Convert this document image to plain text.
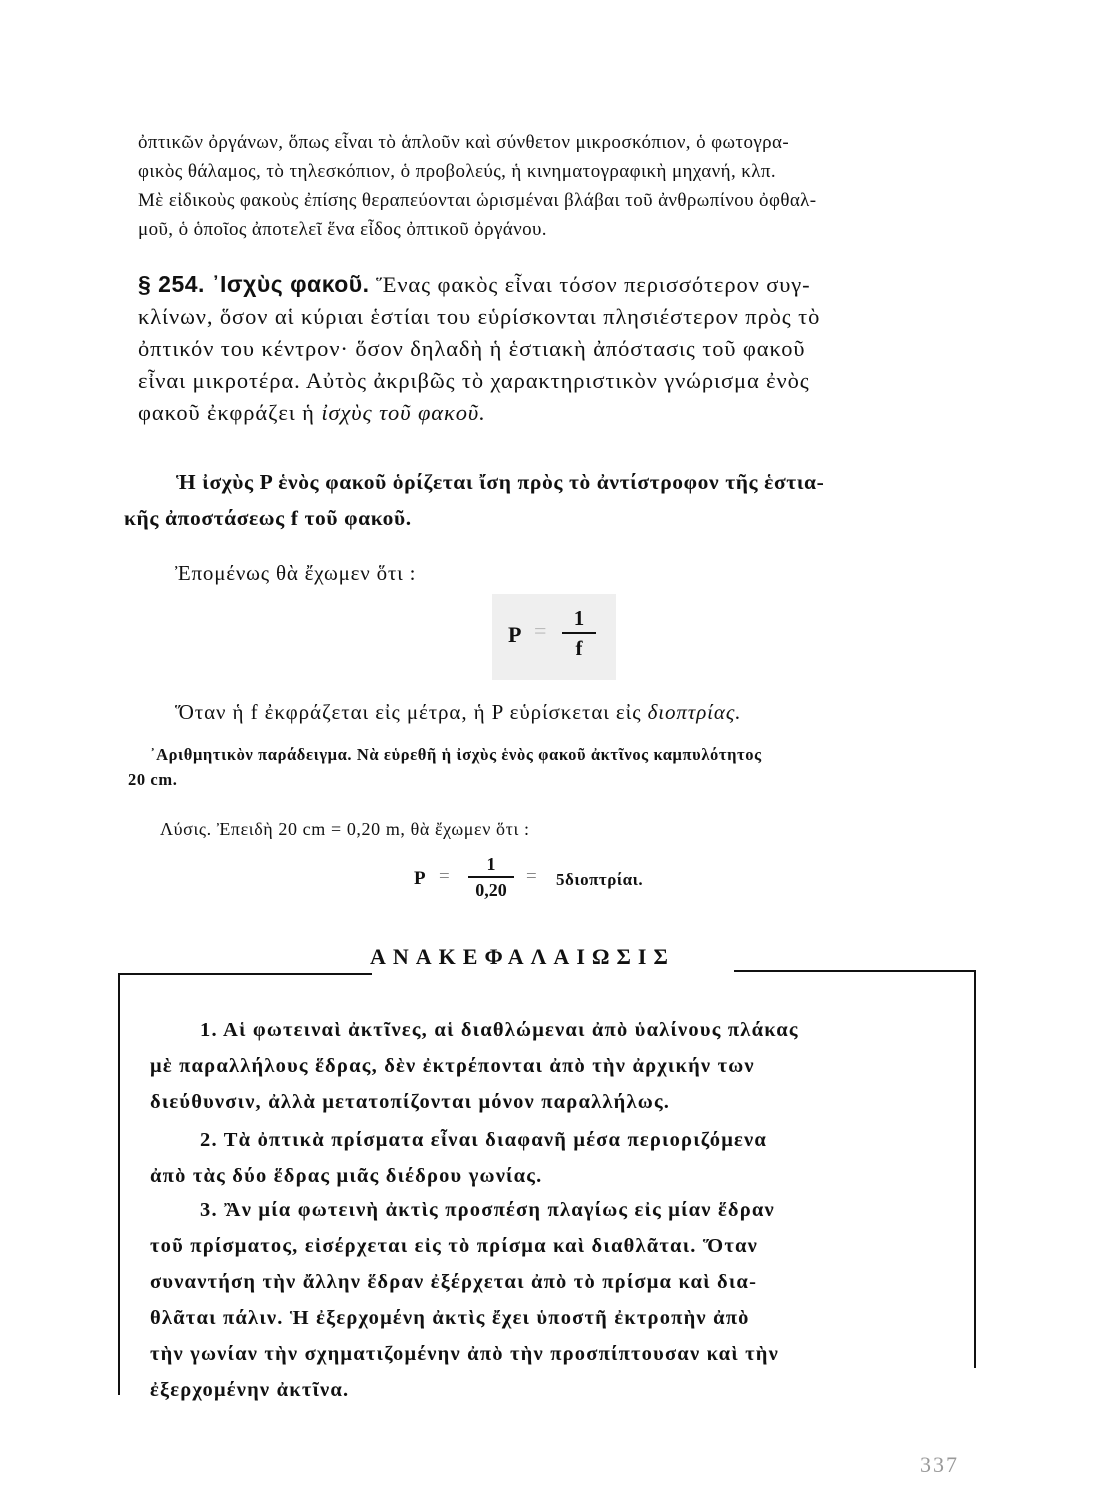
ὀπτικῶν ὀργάνων, ὅπως εἶναι τὸ ἁπλοῦν καὶ σύνθετον μικροσκόπιον, ὁ φωτογρα-
φικὸς θάλαμος, τὸ τηλεσκόπιον, ὁ προβολεύς, ἡ κινηματογραφικὴ μηχανή, κλπ.
Μὲ εἰδικοὺς φακοὺς ἐπίσης θεραπεύονται ὡρισμέναι βλάβαι τοῦ ἀνθρωπίνου ὀφθαλ-
μοῦ, ὁ ὁποῖος ἀποτελεῖ ἕνα εἶδος ὀπτικοῦ ὀργάνου.

§ 254. ᾿Ισχὺς φακοῦ. Ἕνας φακὸς εἶναι τόσον περισσότερον συγ-
κλίνων, ὅσον αἱ κύριαι ἑστίαι του εὑρίσκονται πλησιέστερον πρὸς τὸ
ὀπτικόν του κέντρον· ὅσον δηλαδὴ ἡ ἑστιακὴ ἀπόστασις τοῦ φακοῦ
εἶναι μικροτέρα. Αὐτὸς ἀκριβῶς τὸ χαρακτηριστικὸν γνώρισμα ἐνὸς
φακοῦ ἐκφράζει ἡ ἰσχὺς τοῦ φακοῦ.

Ἡ ἰσχὺς P ἑνὸς φακοῦ ὁρίζεται ἴση πρὸς τὸ ἀντίστροφον τῆς ἑστια-
κῆς ἀποστάσεως f τοῦ φακοῦ.

Ἐπομένως θὰ ἔχωμεν ὅτι :

P =	1
f

Ὅταν ἡ f ἐκφράζεται εἰς μέτρα, ἡ P εὑρίσκεται εἰς διοπτρίας.

᾿Αριθμητικὸν παράδειγμα. Νὰ εὑρεθῆ ἡ ἰσχὺς ἑνὸς φακοῦ ἀκτῖνος καμπυλότητος
20 cm.

Λύσις. Ἐπειδὴ 20 cm = 0,20 m, θὰ ἔχωμεν ὅτι :

P =
1
0,20
= 5διοπτρίαι.
ΑΝΑΚΕΦΑΛΑΙΩΣΙΣ

1. Αἱ φωτειναὶ ἀκτῖνες, αἱ διαθλώμεναι ἀπὸ ὑαλίνους πλάκας
μὲ παραλλήλους ἕδρας, δὲν ἐκτρέπονται ἀπὸ τὴν ἀρχικήν των
διεύθυνσιν, ἀλλὰ μετατοπίζονται μόνον παραλλήλως.

2. Τὰ ὀπτικὰ πρίσματα εἶναι διαφανῆ μέσα περιοριζόμενα
ἀπὸ τὰς δύο ἕδρας μιᾶς διέδρου γωνίας.

3. Ἂν μία φωτεινὴ ἀκτὶς προσπέση πλαγίως εἰς μίαν ἕδραν
τοῦ πρίσματος, εἰσέρχεται εἰς τὸ πρίσμα καὶ διαθλᾶται. Ὅταν
συναντήση τὴν ἄλλην ἕδραν ἐξέρχεται ἀπὸ τὸ πρίσμα καὶ δια-
θλᾶται πάλιν. Ἡ ἐξερχομένη ἀκτὶς ἔχει ὑποστῆ ἐκτροπὴν ἀπὸ
τὴν γωνίαν τὴν σχηματιζομένην ἀπὸ τὴν προσπίπτουσαν καὶ τὴν
ἐξερχομένην ἀκτῖνα.

337
